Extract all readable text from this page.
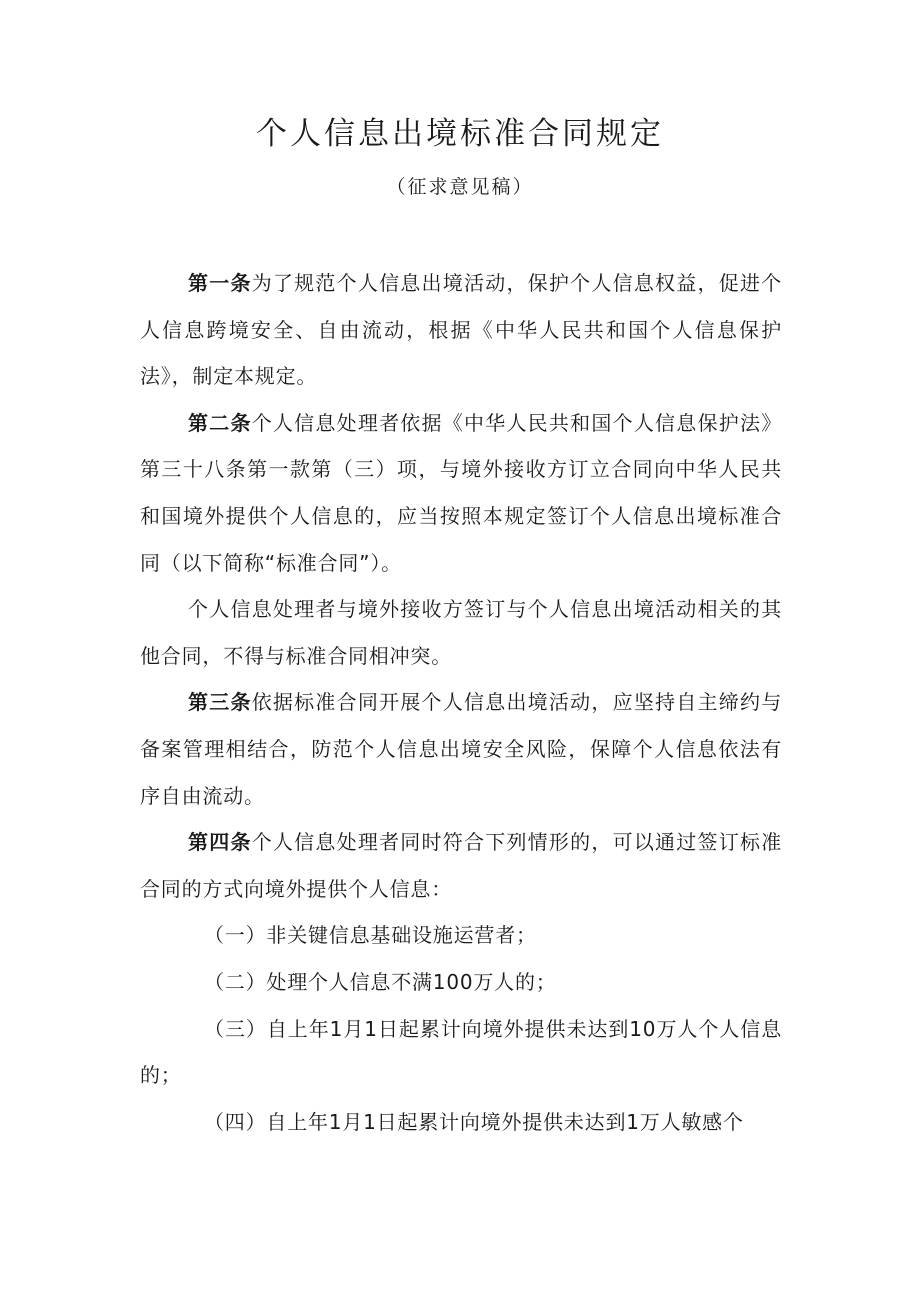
个人信息出境标准合同规定
（征求意见稿）

第一条为了规范个人信息出境活动，保护个人信息权益，促进个人信息跨境安全、自由流动，根据《中华人民共和国个人信息保护法》，制定本规定。

第二条个人信息处理者依据《中华人民共和国个人信息保护法》第三十八条第一款第（三）项，与境外接收方订立合同向中华人民共和国境外提供个人信息的，应当按照本规定签订个人信息出境标准合同（以下简称“标准合同”）。

个人信息处理者与境外接收方签订与个人信息出境活动相关的其他合同，不得与标准合同相冲突。

第三条依据标准合同开展个人信息出境活动，应坚持自主缔约与备案管理相结合，防范个人信息出境安全风险，保障个人信息依法有序自由流动。

第四条个人信息处理者同时符合下列情形的，可以通过签订标准合同的方式向境外提供个人信息：

（一）非关键信息基础设施运营者；

（二）处理个人信息不满100万人的；

（三）自上年1月1日起累计向境外提供未达到10万人个人信息的；

（四）自上年1月1日起累计向境外提供未达到1万人敏感个
